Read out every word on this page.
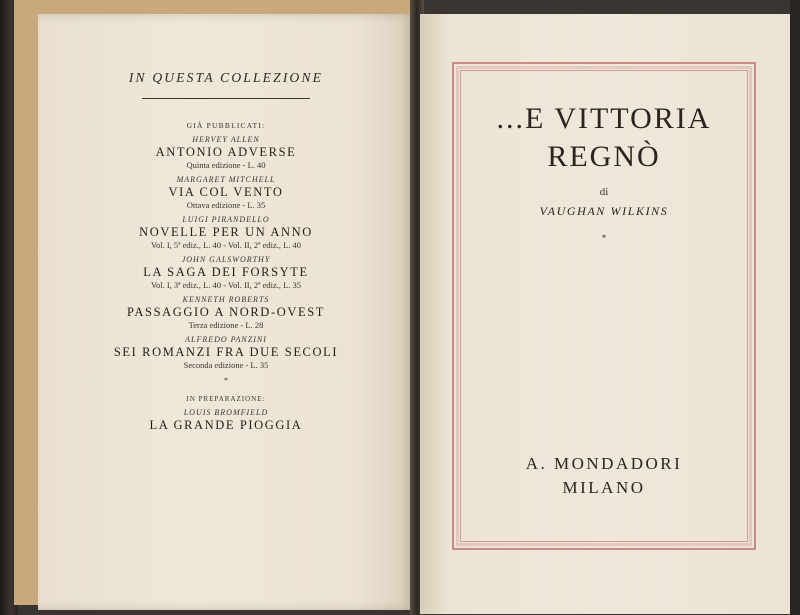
IN QUESTA COLLEZIONE

GIÀ PUBBLICATI:
HERVEY ALLEN
ANTONIO ADVERSE
Quinta edizione - L. 40
MARGARET MITCHELL
VIA COL VENTO
Ottava edizione - L. 35
LUIGI PIRANDELLO
NOVELLE PER UN ANNO
Vol. I, 5ª ediz., L. 40 - Vol. II, 2ª ediz., L. 40
JOHN GALSWORTHY
LA SAGA DEI FORSYTE
Vol. I, 3ª ediz., L. 40 - Vol. II, 2ª ediz., L. 35
KENNETH ROBERTS
PASSAGGIO A NORD-OVEST
Terza edizione - L. 28
ALFREDO PANZINI
SEI ROMANZI FRA DUE SECOLI
Seconda edizione - L. 35
*
IN PREPARAZIONE:
LOUIS BROMFIELD
LA GRANDE PIOGGIA

...E VITTORIA

REGNÒ

di
VAUGHAN WILKINS
*
A. MONDADORI
MILANO
